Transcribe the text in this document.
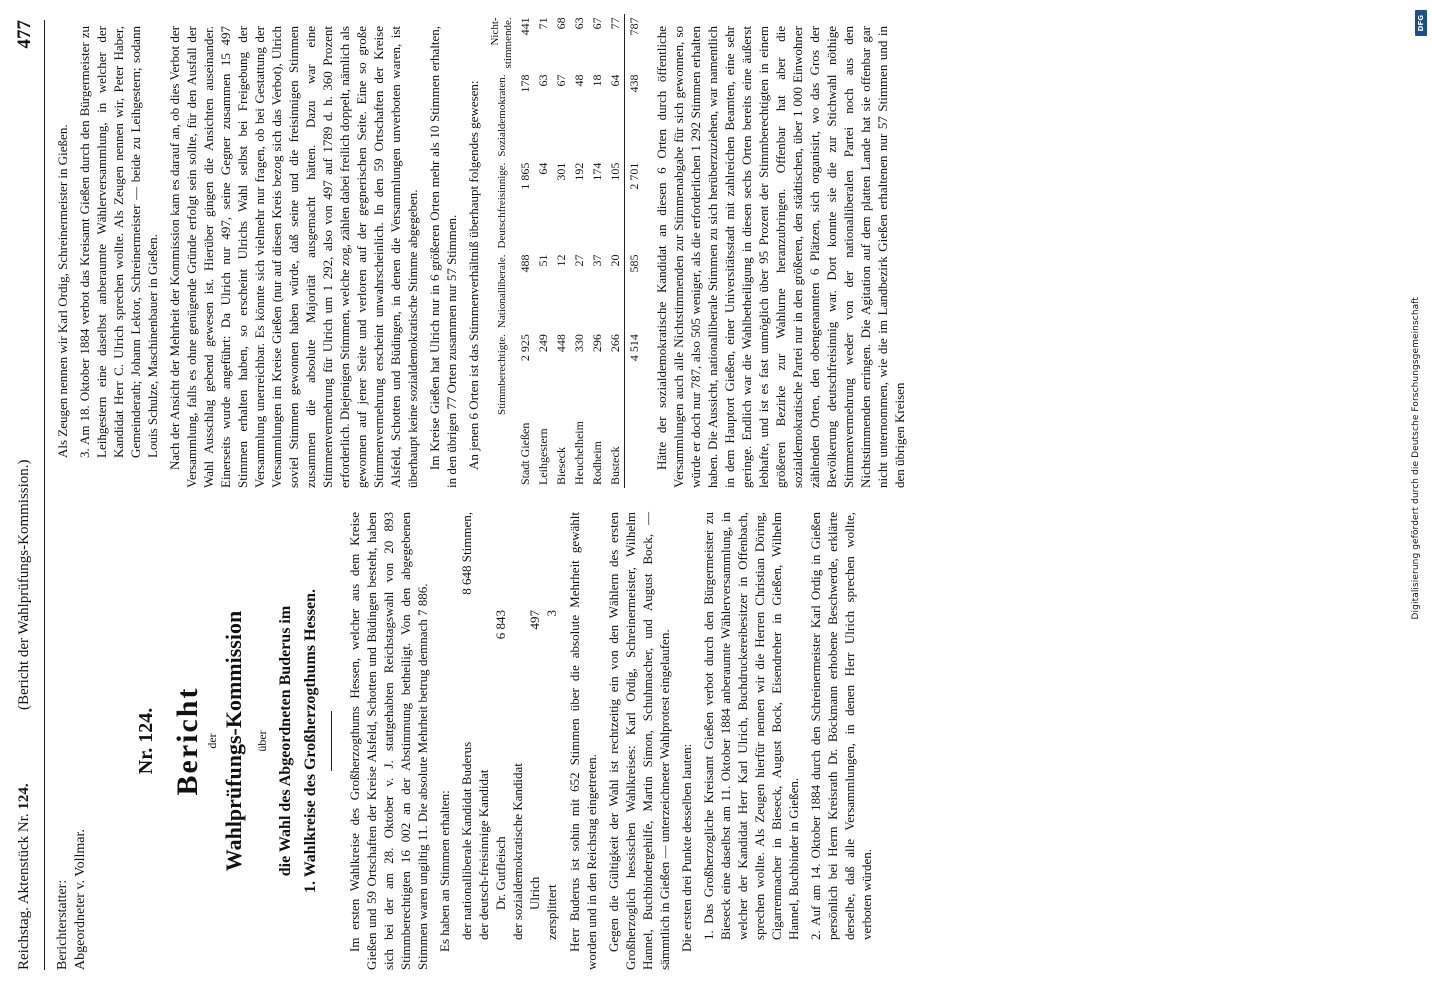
Reichstag. Aktenstück Nr. 124.
(Bericht der Wahlprüfungs-Kommission.)
477
Berichterstatter: Abgeordneter v. Vollmar.
Nr. 124. Bericht der Wahlprüfungs-Kommission über die Wahl des Abgeordneten Buderus im 1. Wahlkreise des Großherzogthums Hessen. Im ersten Wahlkreise des Großherzogthums Hessen, welcher aus dem Kreise Gießen und 59 Ortschaften der Kreise Alsfeld, Schotten und Büdingen besteht, haben sich bei der am 28. Oktober v. J. stattgehabten Reichstagswahl von 20 893 Stimmberechtigten 16 002 an der Abstimmung betheiligt. Von den abgegebenen Stimmen waren ungiltig 11. Die absolute Mehrheit betrug demnach 7 886. Es haben an Stimmen erhalten: der nationalliberale Kandidat Buderus
8 648 Stimmen,
der deutsch-freisinnige Kandidat Dr. Gutfleisch
6 843
der sozialdemokratische Kandidat Ulrich
497
zersplittert
3 Herr Buderus ist sohin mit 652 Stimmen über die absolute Mehrheit gewählt worden und in den Reichstag eingetreten. Gegen die Gültigkeit der Wahl ist rechtzeitig ein von den Wählern des ersten Großherzoglich hessischen Wahlkreises: Karl Ordig, Schreinermeister, Wilhelm Hannel, Buchbindergehilfe, Martin Simon, Schuhmacher, und August Bock, — sämmtlich in Gießen — unterzeichneter Wahlprotest eingelaufen. Die ersten drei Punkte desselben lauten: 1. Das Großherzogliche Kreisamt Gießen verbot durch den Bürgermeister zu Bieseck eine daselbst am 11. Oktober 1884 anberaumte Wählerversammlung, in welcher der Kandidat Herr Karl Ulrich, Buchdruckereibesitzer in Offenbach, sprechen wollte. Als Zeugen hierfür nennen wir die Herren Christian Döring, Cigarrenmacher in Bieseck, August Bock, Eisendreher in Gießen, Wilhelm Hannel, Buchbinder in Gießen. 2. Auf am 14. Oktober 1884 durch den Schreinermeister Karl Ordig in Gießen persönlich bei Herrn Kreisrath Dr. Böckmann erhobene Beschwerde, erklärte derselbe, daß alle Versammlungen, in denen Herr Ulrich sprechen wollte, verboten würden.

Als Zeugen nennen wir Karl Ordig, Schreinermeister in Gießen. 3. Am 18. Oktober 1884 verbot das Kreisamt Gießen durch den Bürgermeister zu Leihgestern eine daselbst anberaumte Wählerversammlung, in welcher der Kandidat Herr C. Ulrich sprechen wollte. Als Zeugen nennen wir, Peter Haber, Gemeinderath; Johann Lektor, Schreinermeister — beide zu Leihgestern; sodann Louis Schulze, Maschinenbauer in Gießen. Nach der Ansicht der Mehrheit der Kommission kam es darauf an, ob dies Verbot der Versammlung, falls es ohne genügende Gründe erfolgt sein sollte, für den Ausfall der Wahl Ausschlag gebend gewesen ist. Hierüber gingen die Ansichten auseinander. Einerseits wurde angeführt: Da Ulrich nur 497, seine Gegner zusammen 15 497 Stimmen erhalten haben, so erscheint Ulrichs Wahl selbst bei Freigebung der Versammlung unerreichbar. Es könnte sich vielmehr nur fragen, ob bei Gestattung der Versammlungen im Kreise Gießen (nur auf diesen Kreis bezog sich das Verbot), Ulrich soviel Stimmen gewonnen haben würde, daß seine und die freisinnigen Stimmen zusammen die absolute Majorität ausgemacht hätten. Dazu war eine Stimmenvermehrung für Ulrich um 1 292, also von 497 auf 1789 d. h. 360 Prozent erforderlich. Diejenigen Stimmen, welche zog, zählen dabei freilich doppelt, nämlich als gewonnen auf jener Seite und verloren auf der gegnerischen Seite. Eine so große Stimmenvermehrung erscheint unwahrscheinlich. In den 59 Ortschaften der Kreise Alsfeld, Schotten und Büdingen, in denen die Versammlungen unverboten waren, ist überhaupt keine sozialdemokratische Stimme abgegeben. Im Kreise Gießen hat Ulrich nur in 6 größeren Orten mehr als 10 Stimmen erhalten, in den übrigen 77 Orten zusammen nur 57 Stimmen. An jenen 6 Orten ist das Stimmenverhältniß überhaupt folgendes gewesen:

	Stimmberechtigte.	Nationalliberale.	Deutschfreisinnige.	Sozialdemokraten.	Nicht-stimmende.
Stadt Gießen	2 925	488	1 865	178	441
Leihgestern	249	51	64	63	71
Bieseck	448	12	301	67	68
Heuchelheim	330	27	192	48	63
Rodheim	296	37	174	18	67
Busteck	266	20	105	64	77
	4 514	585	2 701	438	787 Hätte der sozialdemokratische Kandidat an diesen 6 Orten durch öffentliche Versammlungen auch alle Nichtstimmenden zur Stimmenabgabe für sich gewonnen, so würde er doch nur 787, also 505 weniger, als die erforderlichen 1 292 Stimmen erhalten haben. Die Aussicht, nationalliberale Stimmen zu sich herüberzuziehen, war namentlich in dem Hauptort Gießen, einer Universitätsstadt mit zahlreichen Beamten, eine sehr geringe. Endlich war die Wahlbetheiligung in diesen sechs Orten bereits eine äußerst lebhafte, und ist es fast unmöglich über 95 Prozent der Stimmberechtigten in einem größeren Bezirke zur Wahlurne heranzubringen. Offenbar hat aber die sozialdemokratische Partei nur in den größeren, den städtischen, über 1 000 Einwohner zählenden Orten, den obengenannten 6 Plätzen, sich organisirt, wo das Gros der Bevölkerung deutschfreisinnig war. Dort konnte sie die zur Stichwahl nöthige Stimmenvermehrung weder von der nationalliberalen Partei noch aus den Nichtstimmenden erringen. Die Agitation auf dem platten Lande hat sie offenbar gar nicht unternommen, wie die im Landbezirk Gießen erhaltenen nur 57 Stimmen und in den übrigen Kreisen	Digitalisierung gefördert durch die Deutsche Forschungsgemeinschaft
DFG
